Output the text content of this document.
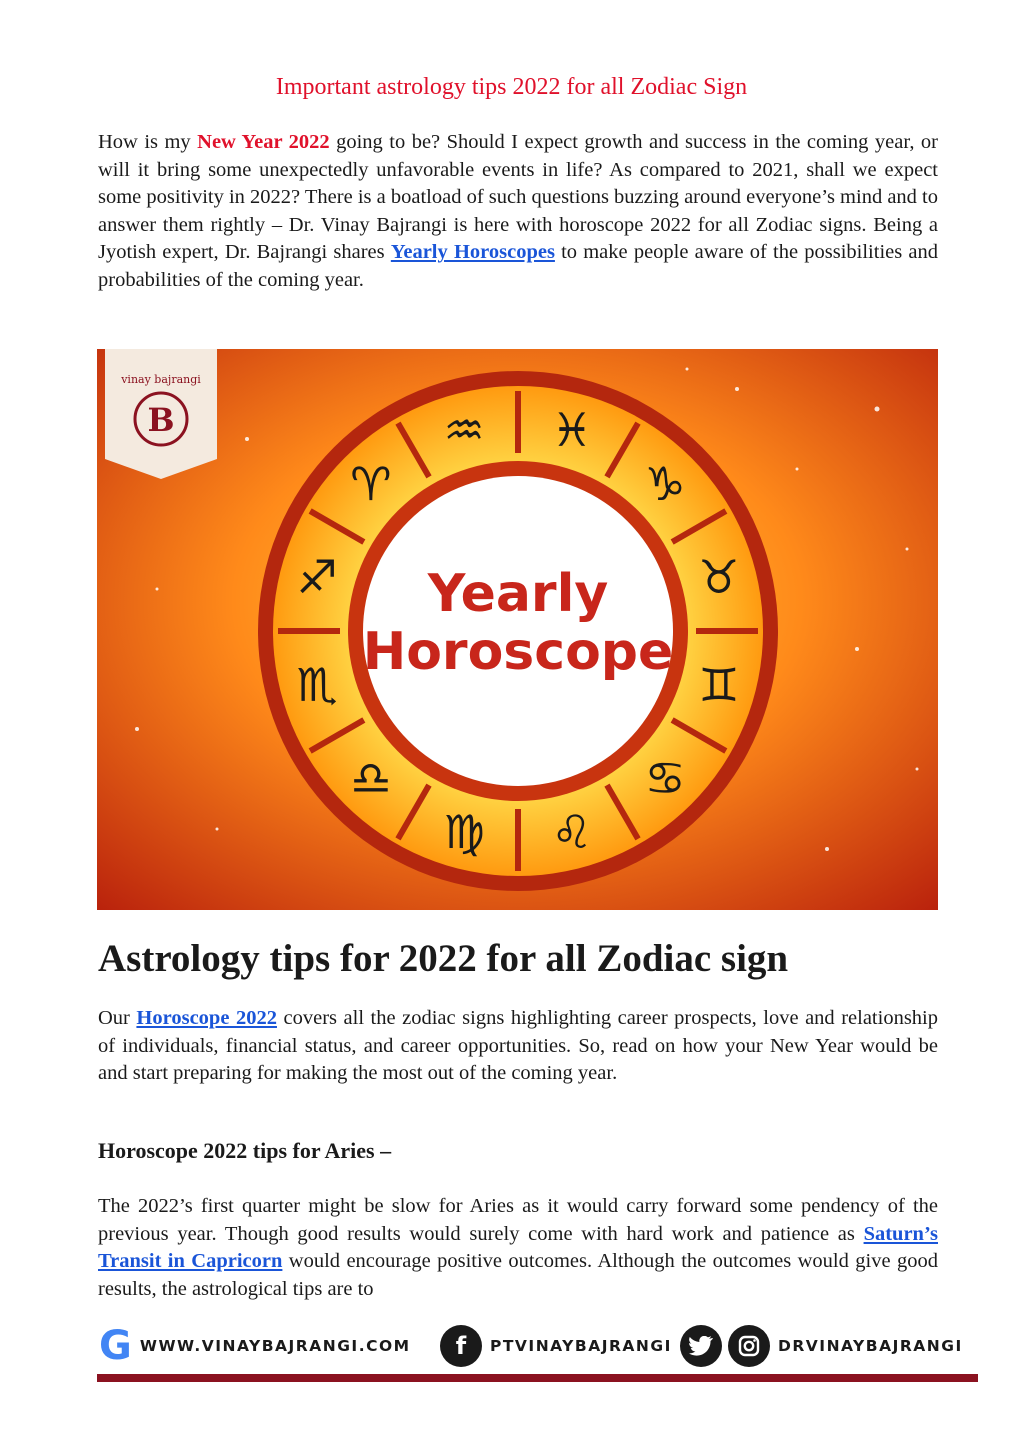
Important astrology tips 2022 for all Zodiac Sign

How is my New Year 2022 going to be? Should I expect growth and success in the coming year, or will it bring some unexpectedly unfavorable events in life? As compared to 2021, shall we expect some positivity in 2022? There is a boatload of such questions buzzing around everyone’s mind and to answer them rightly – Dr. Vinay Bajrangi is here with horoscope 2022 for all Zodiac signs. Being a Jyotish expert, Dr. Bajrangi shares Yearly Horoscopes to make people aware of the possibilities and probabilities of the coming year.

♓
♑
♉
♊
♋
♌
♍
♎
♏
♐
♈
♒
Yearly
Horoscope
vinay bajrangi
B
Astrology tips for 2022 for all Zodiac sign

Our Horoscope 2022 covers all the zodiac signs highlighting career prospects, love and relationship of individuals, financial status, and career opportunities. So, read on how your New Year would be and start preparing for making the most out of the coming year.

Horoscope 2022 tips for Aries –

The 2022’s first quarter might be slow for Aries as it would carry forward some pendency of the previous year. Though good results would surely come with hard work and patience as Saturn’s Transit in Capricorn would encourage positive outcomes. Although the outcomes would give good results, the astrological tips are to

G WWW.VINAYBAJRANGI.COM	f	PTVINAYBAJRANGI	DRVINAYBAJRANGI
